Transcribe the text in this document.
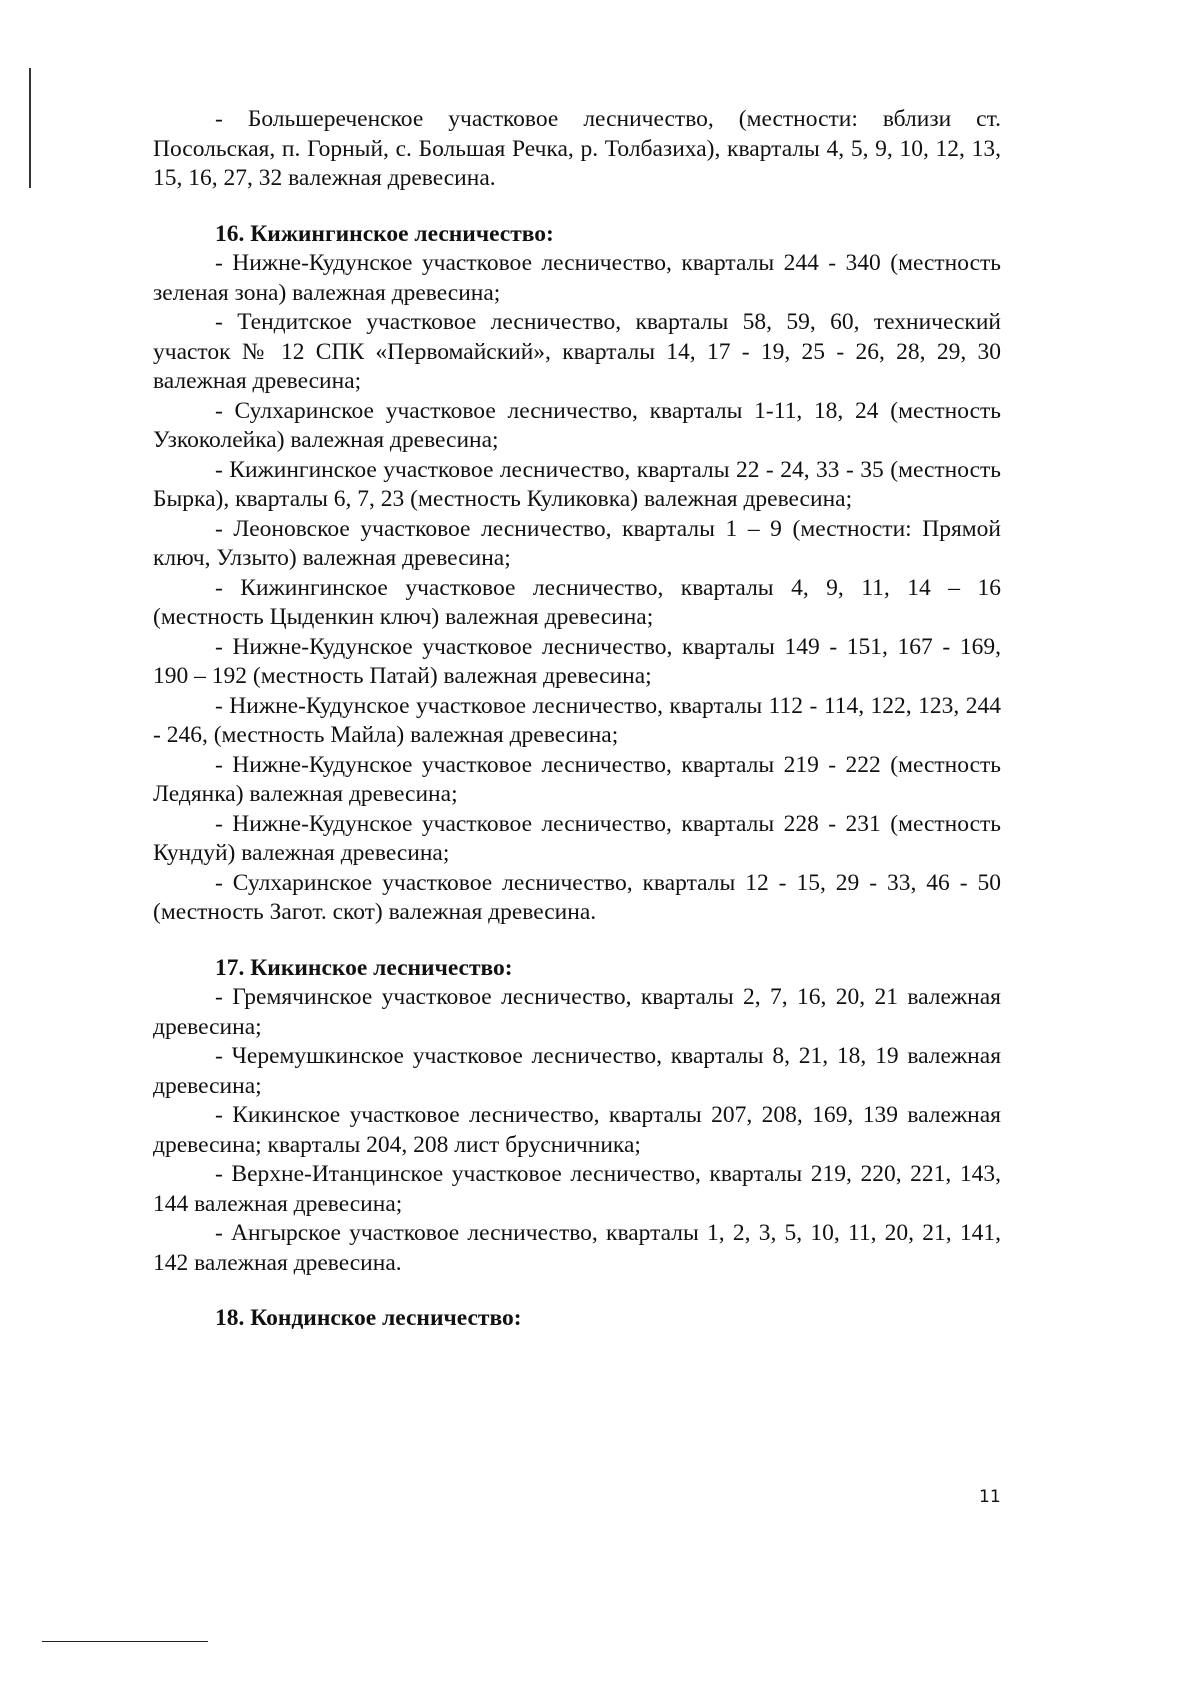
- Большереченское участковое лесничество, (местности: вблизи ст. Посольская, п. Горный, с. Большая Речка, р. Толбазиха), кварталы 4, 5, 9, 10, 12, 13, 15, 16, 27, 32 валежная древесина.

16. Кижингинское лесничество:

- Нижне-Кудунское участковое лесничество, кварталы 244 - 340 (местность зеленая зона) валежная древесина;

- Тендитское участковое лесничество, кварталы 58, 59, 60, технический участок № 12 СПК «Первомайский», кварталы 14, 17 - 19, 25 - 26, 28, 29, 30 валежная древесина;

- Сулхаринское участковое лесничество, кварталы 1-11, 18, 24 (местность Узкоколейка) валежная древесина;

- Кижингинское участковое лесничество, кварталы 22 - 24, 33 - 35 (местность Бырка), кварталы 6, 7, 23 (местность Куликовка) валежная древесина;

- Леоновское участковое лесничество, кварталы 1 – 9 (местности: Прямой ключ, Улзыто) валежная древесина;

- Кижингинское участковое лесничество, кварталы 4, 9, 11, 14 – 16 (местность Цыденкин ключ) валежная древесина;

- Нижне-Кудунское участковое лесничество, кварталы 149 - 151, 167 - 169, 190 – 192 (местность Патай) валежная древесина;

- Нижне-Кудунское участковое лесничество, кварталы 112 - 114, 122, 123, 244 - 246, (местность Майла) валежная древесина;

- Нижне-Кудунское участковое лесничество, кварталы 219 - 222 (местность Ледянка) валежная древесина;

- Нижне-Кудунское участковое лесничество, кварталы 228 - 231 (местность Кундуй) валежная древесина;

- Сулхаринское участковое лесничество, кварталы 12 - 15, 29 - 33, 46 - 50 (местность Загот. скот) валежная древесина.

17. Кикинское лесничество:

- Гремячинское участковое лесничество, кварталы 2, 7, 16, 20, 21 валежная древесина;

- Черемушкинское участковое лесничество, кварталы 8, 21, 18, 19 валежная древесина;

- Кикинское участковое лесничество, кварталы 207, 208, 169, 139 валежная древесина; кварталы 204, 208 лист брусничника;

- Верхне-Итанцинское участковое лесничество, кварталы 219, 220, 221, 143, 144 валежная древесина;

- Ангырское участковое лесничество, кварталы 1, 2, 3, 5, 10, 11, 20, 21, 141, 142 валежная древесина.

18. Кондинское лесничество:

11
